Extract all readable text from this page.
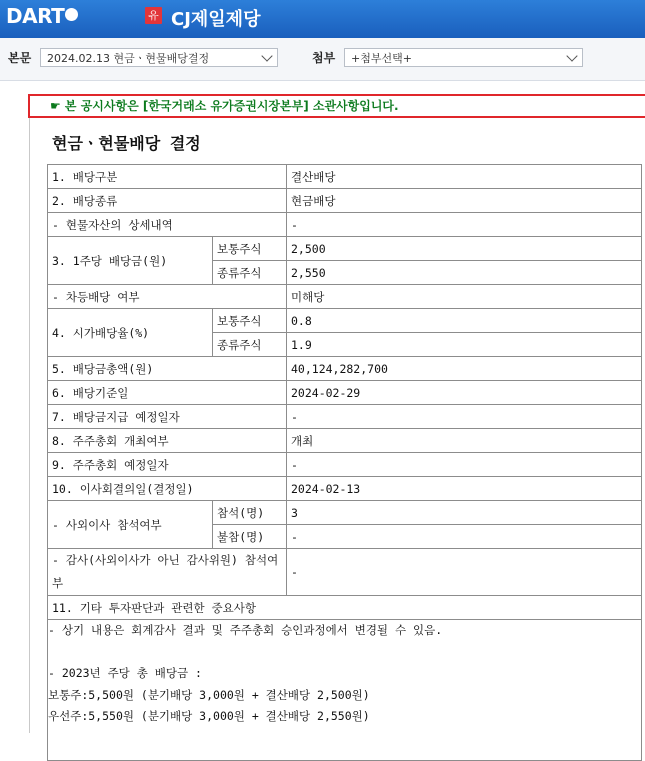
DART	유 CJ제일제당
본문	2024.02.13 현금ㆍ현물배당결정	첨부	+첨부선택+
☛ 본 공시사항은 [한국거래소 유가증권시장본부] 소관사항입니다.
현금ㆍ현물배당 결정
1. 배당구분		결산배당
2. 배당종류		현금배당
- 현물자산의 상세내역		-
3. 1주당 배당금(원)	보통주식	2,500
	종류주식	2,550
- 차등배당 여부		미해당
4. 시가배당율(%)	보통주식	0.8
	종류주식	1.9
5. 배당금총액(원)		40,124,282,700
6. 배당기준일		2024-02-29
7. 배당금지급 예정일자		-
8. 주주총회 개최여부		개최
9. 주주총회 예정일자		-
10. 이사회결의일(결정일)		2024-02-13
- 사외이사 참석여부	참석(명)	3
	불참(명)	-
- 감사(사외이사가 아닌 감사위원) 참석여부		-
11. 기타 투자판단과 관련한 중요사항		

- 상기 내용은 회계감사 결과 및 주주총회 승인과정에서 변경될 수 있음.
- 2023년 주당 총 배당금 :
보통주:5,500원 (분기배당 3,000원 + 결산배당 2,500원)
우선주:5,550원 (분기배당 3,000원 + 결산배당 2,550원)		
